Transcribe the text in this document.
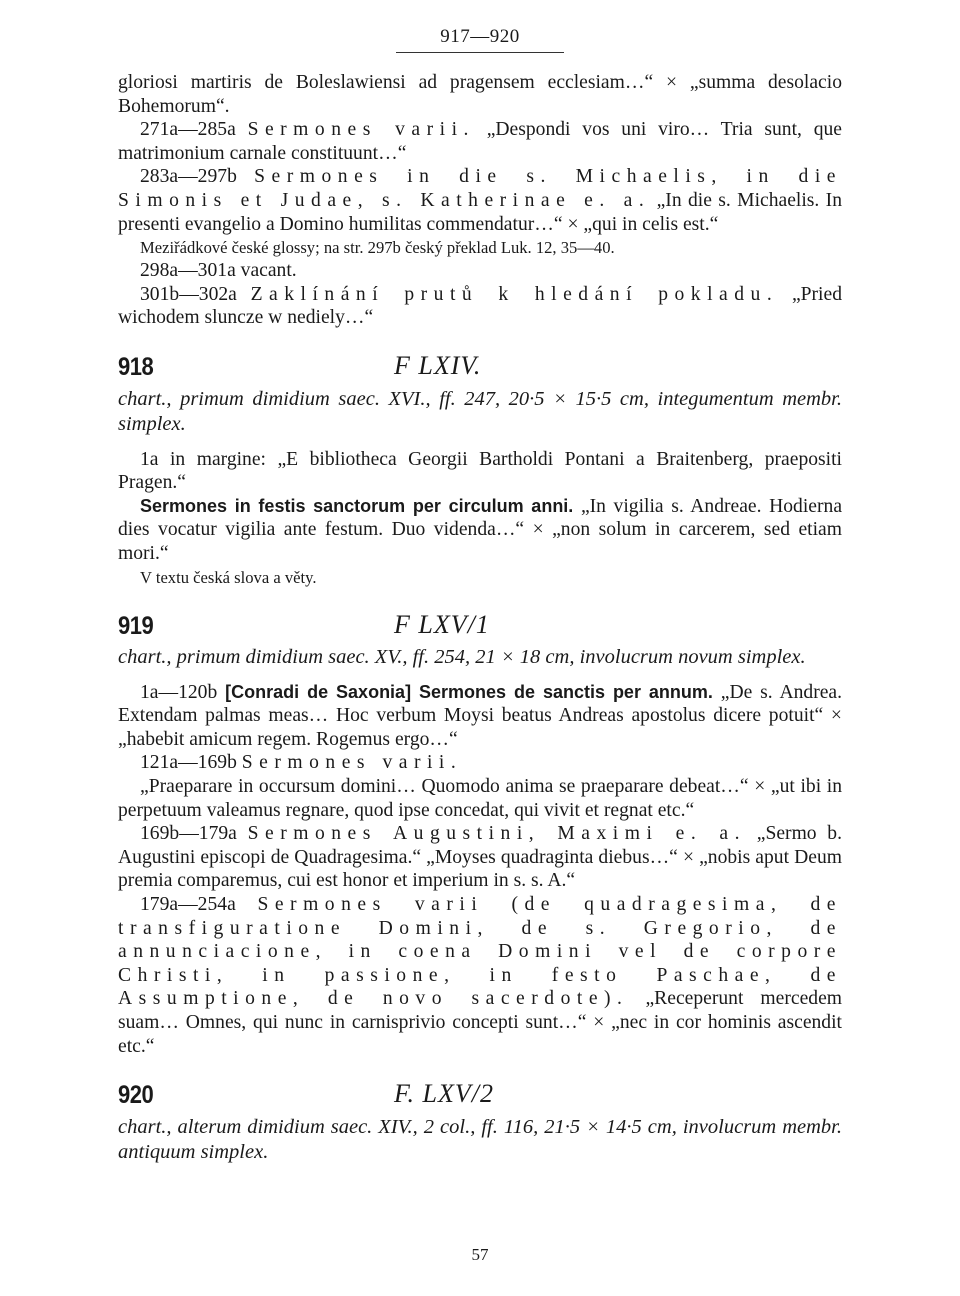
917—920

gloriosi martiris de Boleslawiensi ad pragensem ecclesiam…“ × „summa desolacio Bohemorum“.

271a—285a Sermones varii. „Despondi vos uni viro… Tria sunt, que matrimonium carnale constituunt…“

283a—297b Sermones in die s. Michaelis, in die Simonis et Judae, s. Katherinae e. a. „In die s. Michaelis. In presenti evangelio a Domino humilitas commendatur…“ × „qui in celis est.“

Meziřádkové české glossy; na str. 297b český překlad Luk. 12, 35—40.

298a—301a vacant.

301b—302a Zaklínání prutů k hledání pokladu. „Pried wichodem sluncze w nediely…“

918	F LXIV.

chart., primum dimidium saec. XVI., ff. 247, 20·5 × 15·5 cm, integumentum membr. simplex.

1a in margine: „E bibliotheca Georgii Bartholdi Pontani a Braitenberg, praepositi Pragen.“

Sermones in festis sanctorum per circulum anni. „In vigilia s. Andreae. Hodierna dies vocatur vigilia ante festum. Duo videnda…“ × „non solum in carcerem, sed etiam mori.“

V textu česká slova a věty.

919	F LXV/1

chart., primum dimidium saec. XV., ff. 254, 21 × 18 cm, involucrum novum simplex.

1a—120b [Conradi de Saxonia] Sermones de sanctis per annum. „De s. Andrea. Extendam palmas meas… Hoc verbum Moysi beatus Andreas apostolus dicere potuit“ × „habebit amicum regem. Rogemus ergo…“

121a—169b Sermones varii.

„Praeparare in occursum domini… Quomodo anima se praeparare debeat…“ × „ut ibi in perpetuum valeamus regnare, quod ipse concedat, qui vivit et regnat etc.“

169b—179a Sermones Augustini, Maximi e. a. „Sermo b. Augustini episcopi de Quadragesima.“ „Moyses quadraginta diebus…“ × „nobis aput Deum premia comparemus, cui est honor et imperium in s. s. A.“

179a—254a Sermones varii (de quadragesima, de transfiguratione Domini, de s. Gregorio, de annunciacione, in coena Domini vel de corpore Christi, in passione, in festo Paschae, de Assumptione, de novo sacerdote). „Receperunt mercedem suam… Omnes, qui nunc in carnisprivio concepti sunt…“ × „nec in cor hominis ascendit etc.“

920	F. LXV/2

chart., alterum dimidium saec. XIV., 2 col., ff. 116, 21·5 × 14·5 cm, involucrum membr. antiquum simplex.

57
